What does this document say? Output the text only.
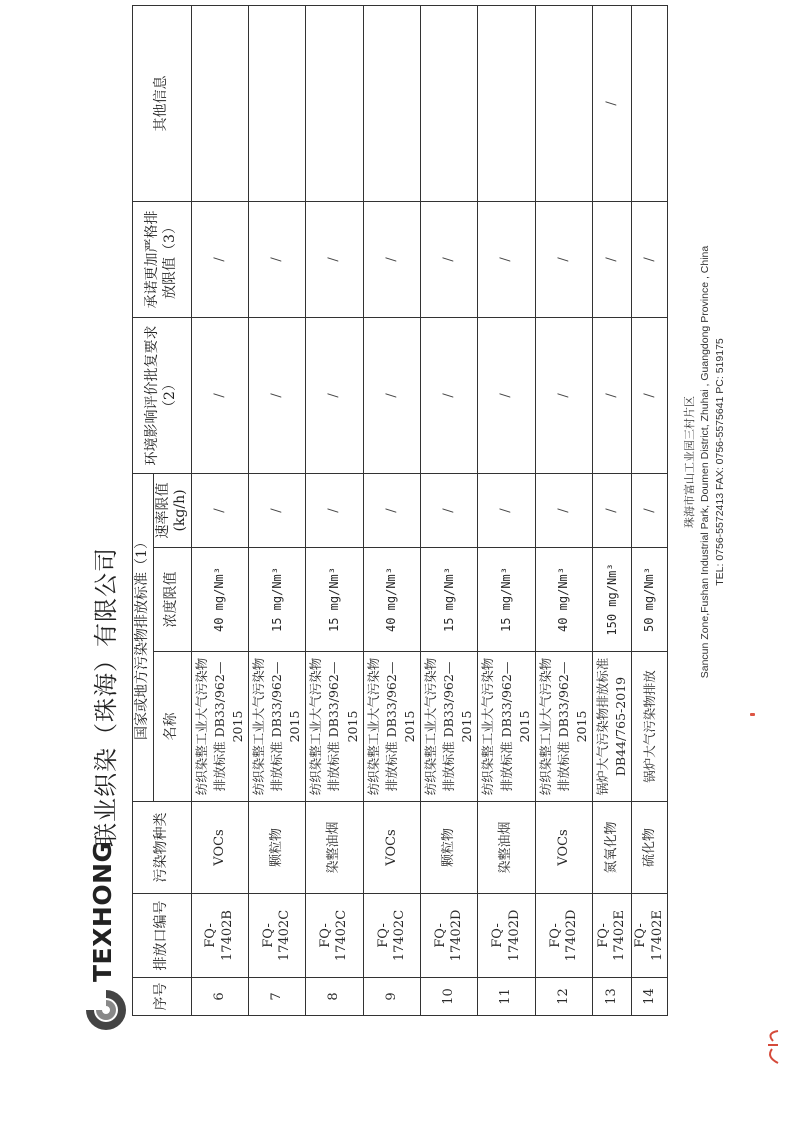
TEXHONG
联业织染（珠海）有限公司
序号	排放口编号	污染物种类	国家或地方污染物排放标准（1）			环境影响评价批复要求（2）	承诺更加严格排放限值（3）	其他信息
			名称	浓度限值	速率限值(kg/h)			
6	FQ-17402B	VOCs	纺织染整工业大气污染物排放标准 DB33/962—2015	40 mg/Nm³	/	/	/	
7	FQ-17402C	颗粒物	纺织染整工业大气污染物排放标准 DB33/962—2015	15 mg/Nm³	/	/	/	
8	FQ-17402C	染整油烟	纺织染整工业大气污染物排放标准 DB33/962—2015	15 mg/Nm³	/	/	/	
9	FQ-17402C	VOCs	纺织染整工业大气污染物排放标准 DB33/962—2015	40 mg/Nm³	/	/	/	
10	FQ-17402D	颗粒物	纺织染整工业大气污染物排放标准 DB33/962—2015	15 mg/Nm³	/	/	/	
11	FQ-17402D	染整油烟	纺织染整工业大气污染物排放标准 DB33/962—2015	15 mg/Nm³	/	/	/	
12	FQ-17402D	VOCs	纺织染整工业大气污染物排放标准 DB33/962—2015	40 mg/Nm³	/	/	/	
13	FQ-17402E	氮氧化物	锅炉大气污染物排放标准 DB44/765-2019	150 mg/Nm³	/	/	/	/
14	FQ-17402E	硫化物	锅炉大气污染物排放	50 mg/Nm³	/	/	/	
珠海市富山工业园三村片区 Sancun Zone,Fushan Industrial Park, Doumen District, Zhuhai , Guangdong Province , China TEL: 0756-5572413 FAX: 0756-5575641 PC: 519175
